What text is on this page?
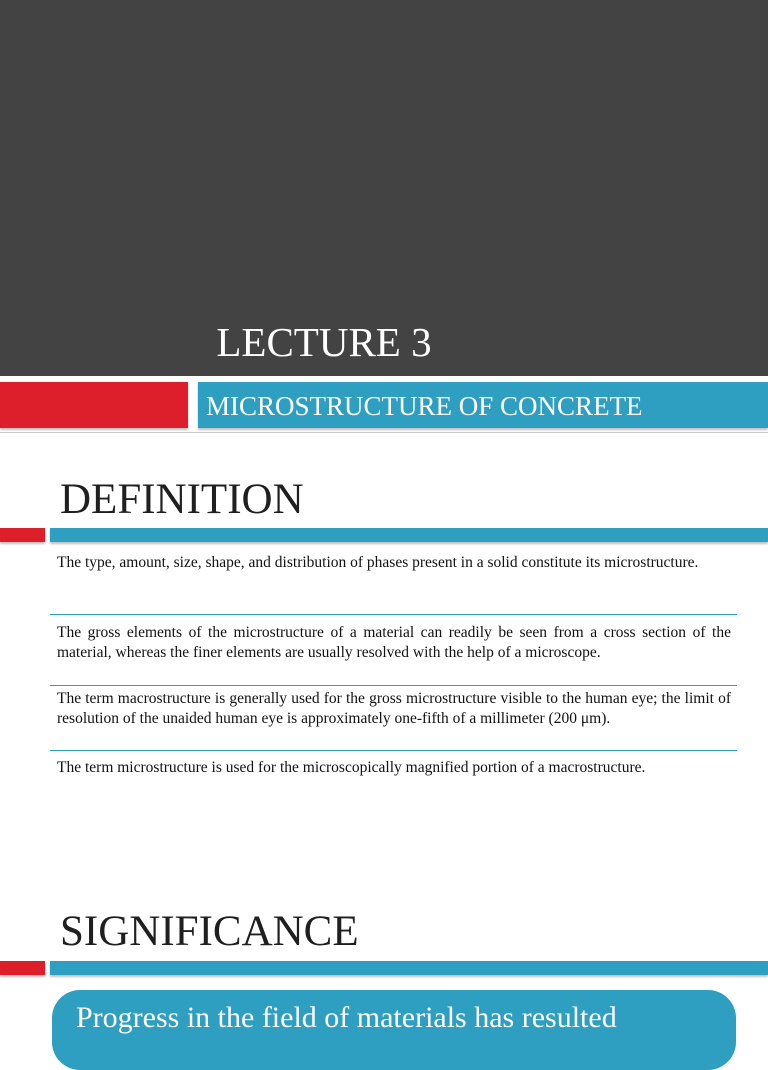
LECTURE 3
MICROSTRUCTURE OF CONCRETE
DEFINITION
The type, amount, size, shape, and distribution of phases present in a solid constitute its microstructure.
The gross elements of the microstructure of a material can readily be seen from a cross section of the material, whereas the finer elements are usually resolved with the help of a microscope.
The term macrostructure is generally used for the gross microstructure visible to the human eye; the limit of resolution of the unaided human eye is approximately one-fifth of a millimeter (200 μm).
The term microstructure is used for the microscopically magnified portion of a macrostructure.
SIGNIFICANCE
Progress in the field of materials has resulted
